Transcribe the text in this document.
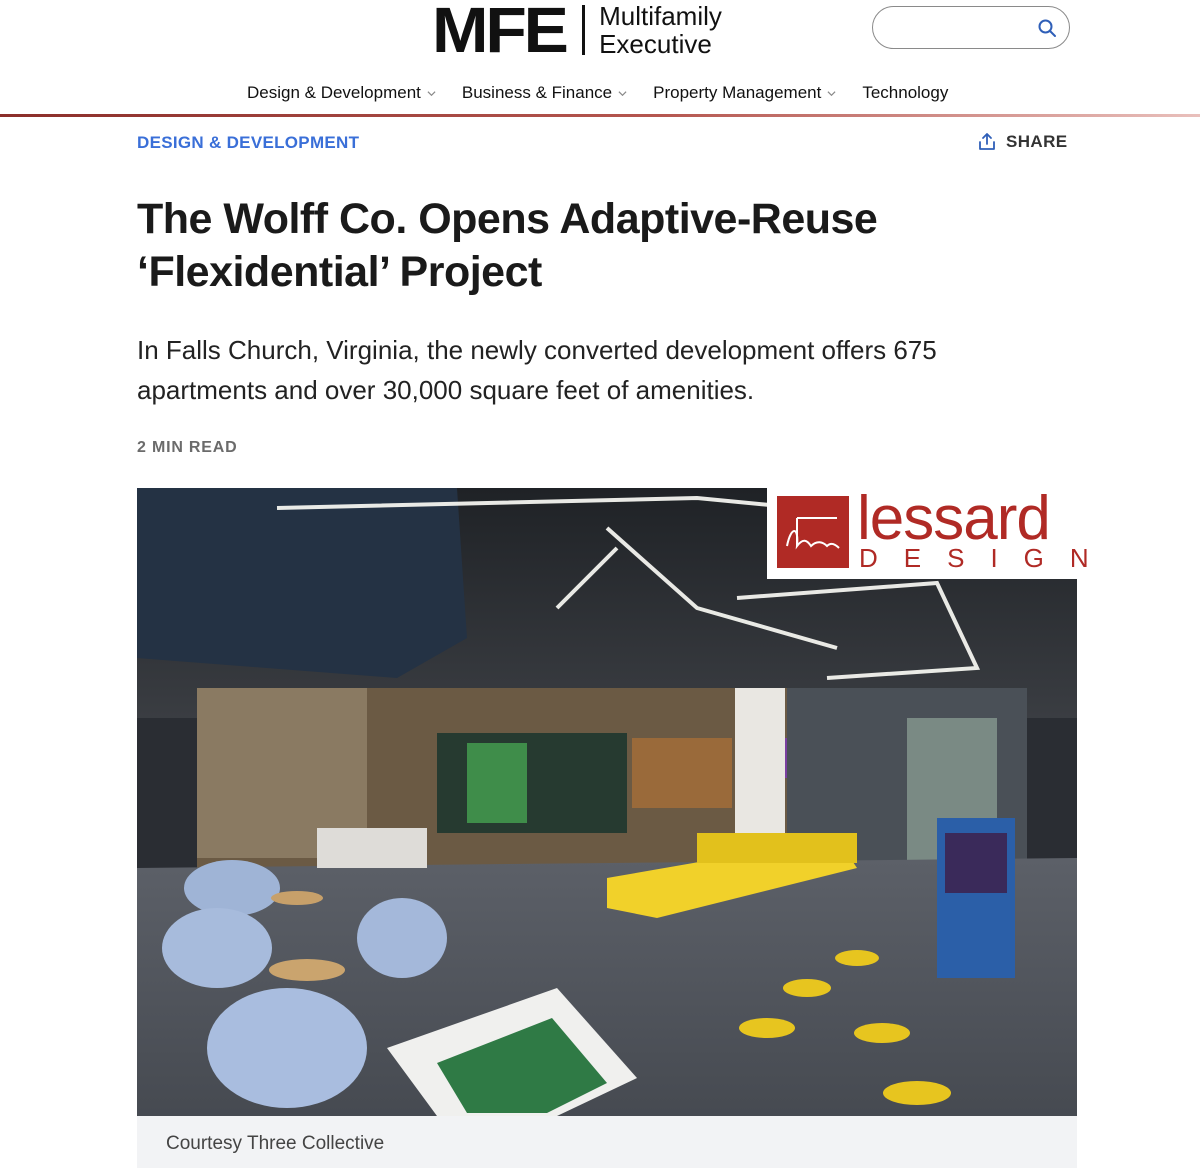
MFE Multifamily
Executive
Design & Development Business & Finance Property Management Technology
DESIGN & DEVELOPMENT	SHARE
The Wolff Co. Opens Adaptive-Reuse
‘Flexidential’ Project

In Falls Church, Virginia, the newly converted development offers 675
apartments and over 30,000 square feet of amenities.

2 MIN READ
lessard
DESIGN
Courtesy Three Collective
